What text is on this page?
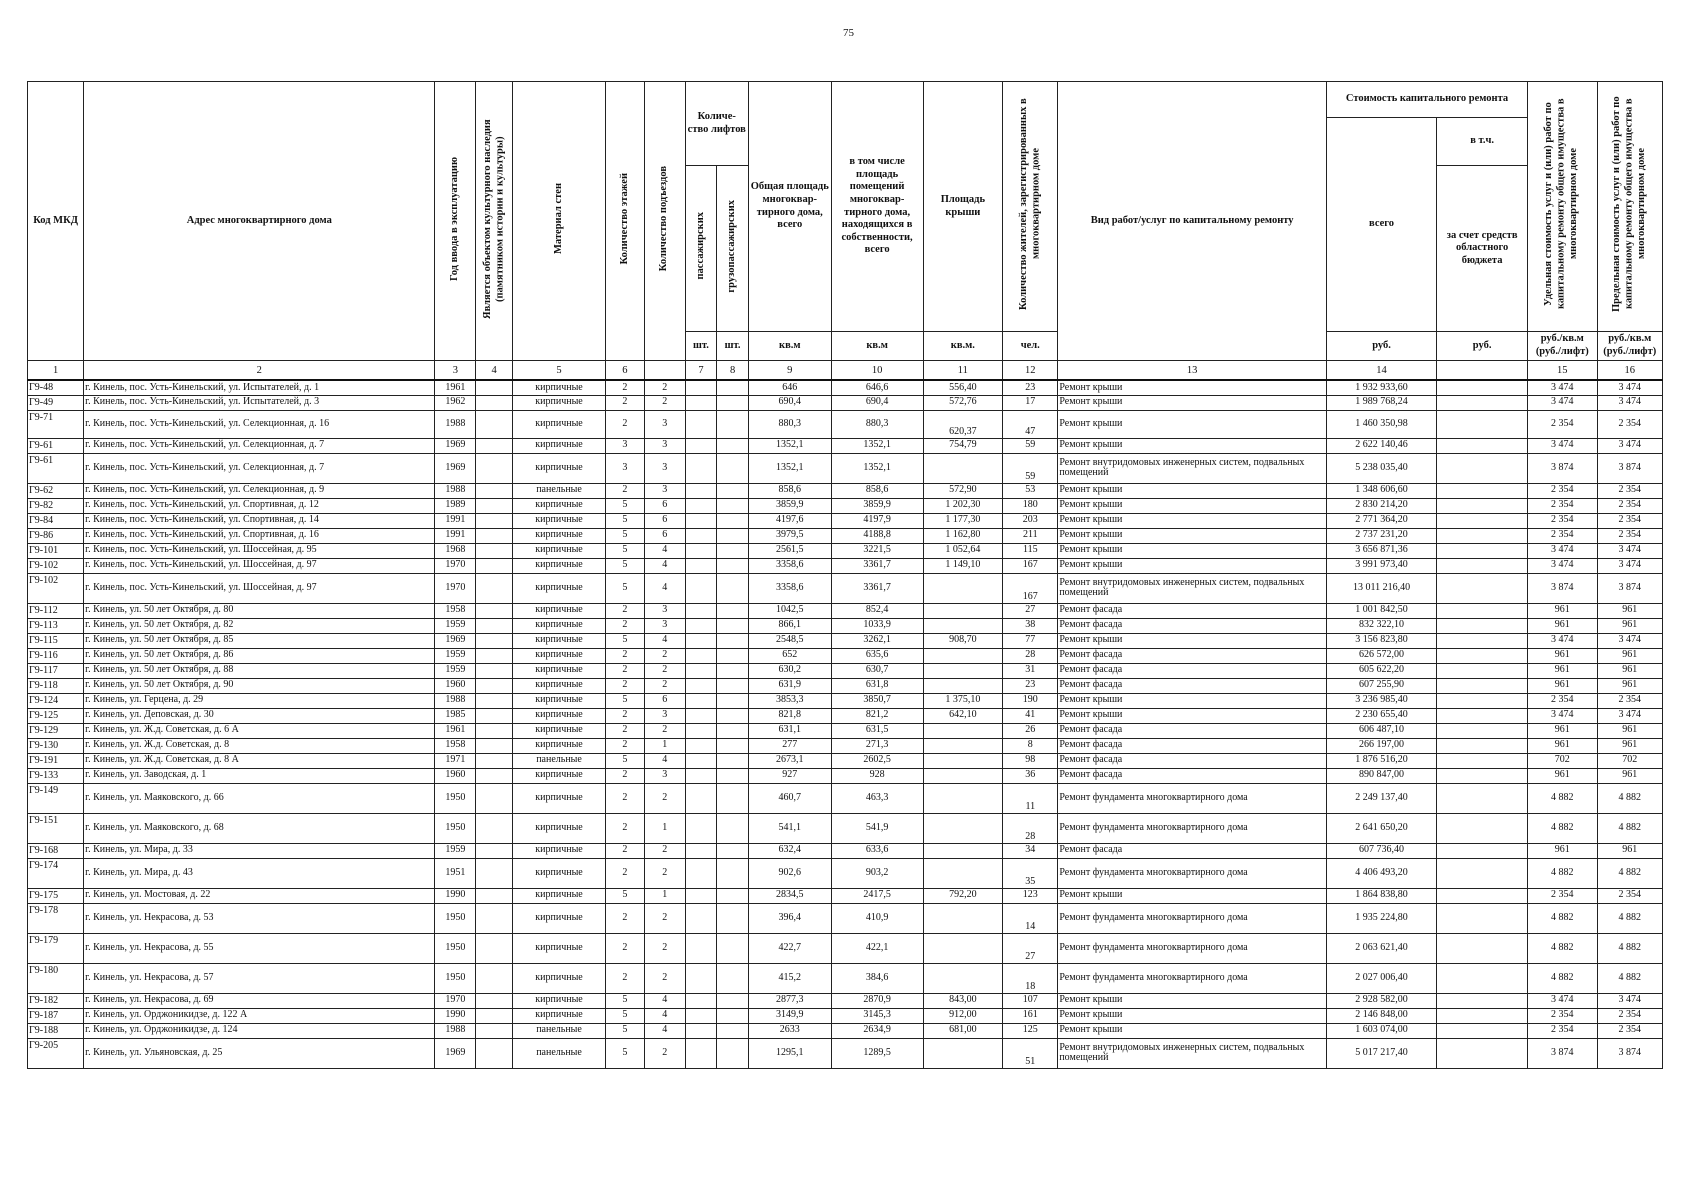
75
Код МКД	Адрес многоквартирного дома	Год ввода в эксплуатацию	Является объектом культурного наследия (памятником истории и культуры)	Материал стен	Количество этажей	Количество подъездов	Количе- ство лифтов		Общая площадь многоквар- тирного дома, всего	в том числе площадь помещений многоквар- тирного дома, находящихся в собственности, всего	Площадь крыши	Количество жителей, зарегистрированных в многоквартирном доме	Вид работ/услуг по капитальному ремонту	Стоимость капитального ремонта		Удельная стоимость услуг и (или) работ по капитальному ремонту общего имущества в многоквартирном доме	Предельная стоимость услуг и (или) работ по капитальному ремонту общего имущества в многоквартирном доме
														всего	в т.ч.		
							пассажирских	грузопассажирских							за счет средств областного бюджета		
							шт.	шт.	кв.м	кв.м	кв.м.	чел.		руб.	руб.	руб./кв.м (руб./лифт)	руб./кв.м (руб./лифт)
1	2	3	4	5	6		7	8	9	10	11	12	13	14		15	16
Г9-48	г. Кинель, пос. Усть-Кинельский, ул. Испытателей, д. 1	1961		кирпичные	2	2			646	646,6	556,40	23	Ремонт крыши	1 932 933,60		3 474	3 474
Г9-49	г. Кинель, пос. Усть-Кинельский, ул. Испытателей, д. 3	1962		кирпичные	2	2			690,4	690,4	572,76	17	Ремонт крыши	1 989 768,24		3 474	3 474
Г9-71	г. Кинель, пос. Усть-Кинельский, ул. Селекционная, д. 16	1988		кирпичные	2	3			880,3	880,3	620,37	47	Ремонт крыши	1 460 350,98		2 354	2 354
Г9-61	г. Кинель, пос. Усть-Кинельский, ул. Селекционная, д. 7	1969		кирпичные	3	3			1352,1	1352,1	754,79	59	Ремонт крыши	2 622 140,46		3 474	3 474
Г9-61	г. Кинель, пос. Усть-Кинельский, ул. Селекционная, д. 7	1969		кирпичные	3	3			1352,1	1352,1		59	Ремонт внутридомовых инженерных систем, подвальных помещений	5 238 035,40		3 874	3 874
Г9-62	г. Кинель, пос. Усть-Кинельский, ул. Селекционная, д. 9	1988		панельные	2	3			858,6	858,6	572,90	53	Ремонт крыши	1 348 606,60		2 354	2 354
Г9-82	г. Кинель, пос. Усть-Кинельский, ул. Спортивная, д. 12	1989		кирпичные	5	6			3859,9	3859,9	1 202,30	180	Ремонт крыши	2 830 214,20		2 354	2 354
Г9-84	г. Кинель, пос. Усть-Кинельский, ул. Спортивная, д. 14	1991		кирпичные	5	6			4197,6	4197,9	1 177,30	203	Ремонт крыши	2 771 364,20		2 354	2 354
Г9-86	г. Кинель, пос. Усть-Кинельский, ул. Спортивная, д. 16	1991		кирпичные	5	6			3979,5	4188,8	1 162,80	211	Ремонт крыши	2 737 231,20		2 354	2 354
Г9-101	г. Кинель, пос. Усть-Кинельский, ул. Шоссейная, д. 95	1968		кирпичные	5	4			2561,5	3221,5	1 052,64	115	Ремонт крыши	3 656 871,36		3 474	3 474
Г9-102	г. Кинель, пос. Усть-Кинельский, ул. Шоссейная, д. 97	1970		кирпичные	5	4			3358,6	3361,7	1 149,10	167	Ремонт крыши	3 991 973,40		3 474	3 474
Г9-102	г. Кинель, пос. Усть-Кинельский, ул. Шоссейная, д. 97	1970		кирпичные	5	4			3358,6	3361,7		167	Ремонт внутридомовых инженерных систем, подвальных помещений	13 011 216,40		3 874	3 874
Г9-112	г. Кинель, ул. 50 лет Октября, д. 80	1958		кирпичные	2	3			1042,5	852,4		27	Ремонт фасада	1 001 842,50		961	961
Г9-113	г. Кинель, ул. 50 лет Октября, д. 82	1959		кирпичные	2	3			866,1	1033,9		38	Ремонт фасада	832 322,10		961	961
Г9-115	г. Кинель, ул. 50 лет Октября, д. 85	1969		кирпичные	5	4			2548,5	3262,1	908,70	77	Ремонт крыши	3 156 823,80		3 474	3 474
Г9-116	г. Кинель, ул. 50 лет Октября, д. 86	1959		кирпичные	2	2			652	635,6		28	Ремонт фасада	626 572,00		961	961
Г9-117	г. Кинель, ул. 50 лет Октября, д. 88	1959		кирпичные	2	2			630,2	630,7		31	Ремонт фасада	605 622,20		961	961
Г9-118	г. Кинель, ул. 50 лет Октября, д. 90	1960		кирпичные	2	2			631,9	631,8		23	Ремонт фасада	607 255,90		961	961
Г9-124	г. Кинель, ул. Герцена, д. 29	1988		кирпичные	5	6			3853,3	3850,7	1 375,10	190	Ремонт крыши	3 236 985,40		2 354	2 354
Г9-125	г. Кинель, ул. Деповская, д. 30	1985		кирпичные	2	3			821,8	821,2	642,10	41	Ремонт крыши	2 230 655,40		3 474	3 474
Г9-129	г. Кинель, ул. Ж.д. Советская, д. 6 А	1961		кирпичные	2	2			631,1	631,5		26	Ремонт фасада	606 487,10		961	961
Г9-130	г. Кинель, ул. Ж.д. Советская, д. 8	1958		кирпичные	2	1			277	271,3		8	Ремонт фасада	266 197,00		961	961
Г9-191	г. Кинель, ул. Ж.д. Советская, д. 8 А	1971		панельные	5	4			2673,1	2602,5		98	Ремонт фасада	1 876 516,20		702	702
Г9-133	г. Кинель, ул. Заводская, д. 1	1960		кирпичные	2	3			927	928		36	Ремонт фасада	890 847,00		961	961
Г9-149	г. Кинель, ул. Маяковского, д. 66	1950		кирпичные	2	2			460,7	463,3		11	Ремонт фундамента многоквартирного дома	2 249 137,40		4 882	4 882
Г9-151	г. Кинель, ул. Маяковского, д. 68	1950		кирпичные	2	1			541,1	541,9		28	Ремонт фундамента многоквартирного дома	2 641 650,20		4 882	4 882
Г9-168	г. Кинель, ул. Мира, д. 33	1959		кирпичные	2	2			632,4	633,6		34	Ремонт фасада	607 736,40		961	961
Г9-174	г. Кинель, ул. Мира, д. 43	1951		кирпичные	2	2			902,6	903,2		35	Ремонт фундамента многоквартирного дома	4 406 493,20		4 882	4 882
Г9-175	г. Кинель, ул. Мостовая, д. 22	1990		кирпичные	5	1			2834,5	2417,5	792,20	123	Ремонт крыши	1 864 838,80		2 354	2 354
Г9-178	г. Кинель, ул. Некрасова, д. 53	1950		кирпичные	2	2			396,4	410,9		14	Ремонт фундамента многоквартирного дома	1 935 224,80		4 882	4 882
Г9-179	г. Кинель, ул. Некрасова, д. 55	1950		кирпичные	2	2			422,7	422,1		27	Ремонт фундамента многоквартирного дома	2 063 621,40		4 882	4 882
Г9-180	г. Кинель, ул. Некрасова, д. 57	1950		кирпичные	2	2			415,2	384,6		18	Ремонт фундамента многоквартирного дома	2 027 006,40		4 882	4 882
Г9-182	г. Кинель, ул. Некрасова, д. 69	1970		кирпичные	5	4			2877,3	2870,9	843,00	107	Ремонт крыши	2 928 582,00		3 474	3 474
Г9-187	г. Кинель, ул. Орджоникидзе, д. 122 А	1990		кирпичные	5	4			3149,9	3145,3	912,00	161	Ремонт крыши	2 146 848,00		2 354	2 354
Г9-188	г. Кинель, ул. Орджоникидзе, д. 124	1988		панельные	5	4			2633	2634,9	681,00	125	Ремонт крыши	1 603 074,00		2 354	2 354
Г9-205	г. Кинель, ул. Ульяновская, д. 25	1969		панельные	5	2			1295,1	1289,5		51	Ремонт внутридомовых инженерных систем, подвальных помещений	5 017 217,40		3 874	3 874
